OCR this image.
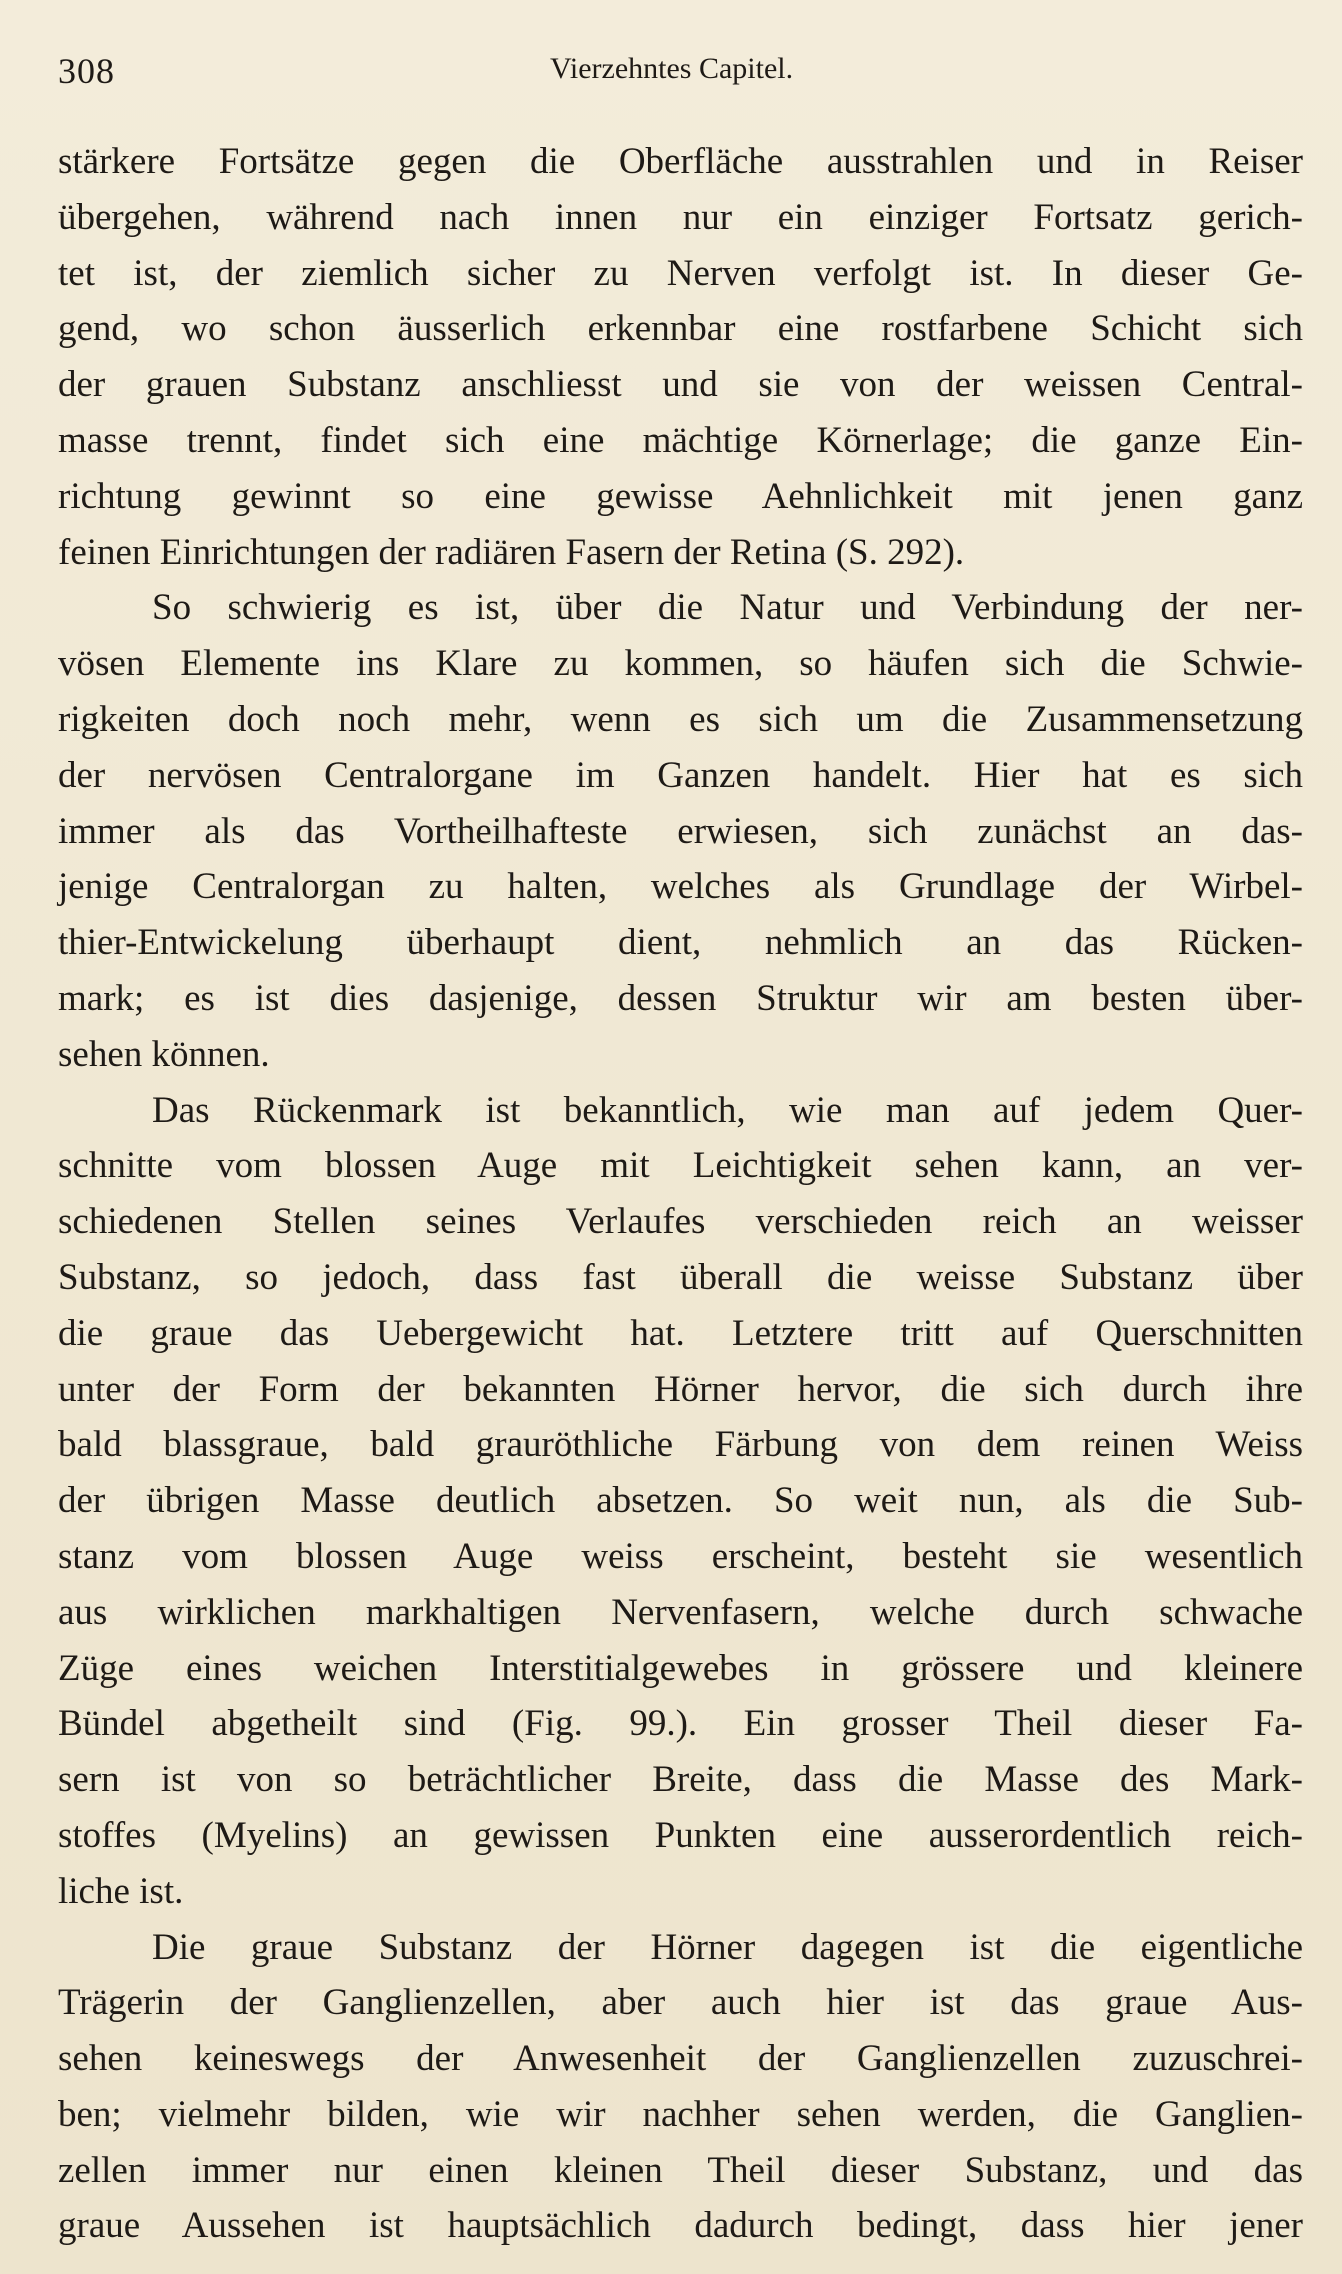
308	Vierzehntes Capitel.
stärkere Fortsätze gegen die Oberfläche ausstrahlen und in Reiser
übergehen, während nach innen nur ein einziger Fortsatz gerich-
tet ist, der ziemlich sicher zu Nerven verfolgt ist. In dieser Ge-
gend, wo schon äusserlich erkennbar eine rostfarbene Schicht sich
der grauen Substanz anschliesst und sie von der weissen Central-
masse trennt, findet sich eine mächtige Körnerlage; die ganze Ein-
richtung gewinnt so eine gewisse Aehnlichkeit mit jenen ganz
feinen Einrichtungen der radiären Fasern der Retina (S. 292).
So schwierig es ist, über die Natur und Verbindung der ner-
vösen Elemente ins Klare zu kommen, so häufen sich die Schwie-
rigkeiten doch noch mehr, wenn es sich um die Zusammensetzung
der nervösen Centralorgane im Ganzen handelt. Hier hat es sich
immer als das Vortheilhafteste erwiesen, sich zunächst an das-
jenige Centralorgan zu halten, welches als Grundlage der Wirbel-
thier-Entwickelung überhaupt dient, nehmlich an das Rücken-
mark; es ist dies dasjenige, dessen Struktur wir am besten über-
sehen können.
Das Rückenmark ist bekanntlich, wie man auf jedem Quer-
schnitte vom blossen Auge mit Leichtigkeit sehen kann, an ver-
schiedenen Stellen seines Verlaufes verschieden reich an weisser
Substanz, so jedoch, dass fast überall die weisse Substanz über
die graue das Uebergewicht hat. Letztere tritt auf Querschnitten
unter der Form der bekannten Hörner hervor, die sich durch ihre
bald blassgraue, bald grauröthliche Färbung von dem reinen Weiss
der übrigen Masse deutlich absetzen. So weit nun, als die Sub-
stanz vom blossen Auge weiss erscheint, besteht sie wesentlich
aus wirklichen markhaltigen Nervenfasern, welche durch schwache
Züge eines weichen Interstitialgewebes in grössere und kleinere
Bündel abgetheilt sind (Fig. 99.). Ein grosser Theil dieser Fa-
sern ist von so beträchtlicher Breite, dass die Masse des Mark-
stoffes (Myelins) an gewissen Punkten eine ausserordentlich reich-
liche ist.
Die graue Substanz der Hörner dagegen ist die eigentliche
Trägerin der Ganglienzellen, aber auch hier ist das graue Aus-
sehen keineswegs der Anwesenheit der Ganglienzellen zuzuschrei-
ben; vielmehr bilden, wie wir nachher sehen werden, die Ganglien-
zellen immer nur einen kleinen Theil dieser Substanz, und das
graue Aussehen ist hauptsächlich dadurch bedingt, dass hier jener
